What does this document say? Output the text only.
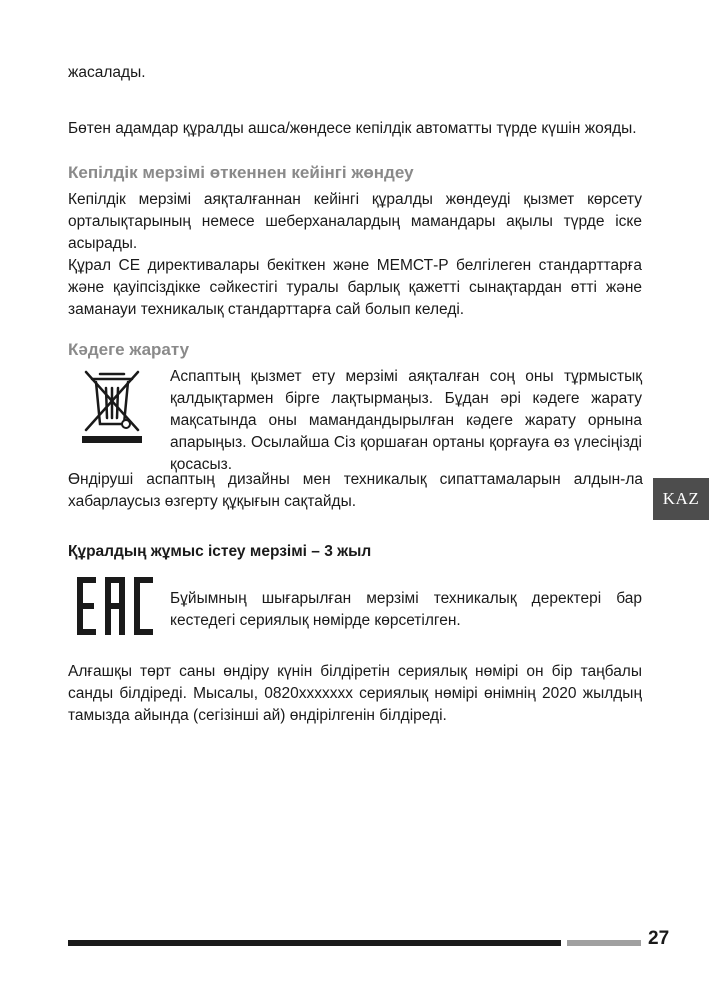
жасалады.

Бөтен адамдар құралды ашса/жөндесе кепілдік автоматты түрде күшін жояды.

Кепілдік мерзімі өткеннен кейінгі жөндеу

Кепілдік мерзімі аяқталғаннан кейінгі құралды жөндеуді қызмет көрсету орталықтарының немесе шеберханалардың мамандары ақылы түрде іске асырады.

Құрал CE директивалары бекіткен және МЕМСТ-Р белгілеген стандарттарға және қауіпсіздікке сәйкестігі туралы барлық қажетті сынақтардан өтті және заманауи техникалық стандарттарға сай болып келеді.

Кәдеге жарату

Аспаптың қызмет ету мерзімі аяқталған соң оны тұрмыстық қалдықтармен бірге лақтырмаңыз. Бұдан әрі кәдеге жарату мақсатында оны мамандандырылған кәдеге жарату орнына апарыңыз. Осылайша Сіз қоршаған ортаны қорғауға өз үлесіңізді қосасыз.

Өндіруші аспаптың дизайны мен техникалық сипаттамаларын алдын-ла хабарлаусыз өзгерту құқығын сақтайды.

Құралдың жұмыс істеу мерзімі – 3 жыл

Бұйымның шығарылған мерзімі техникалық деректері бар кестедегі сериялық нөмірде көрсетілген.

Алғашқы төрт саны өндіру күнін білдіретін сериялық нөмірі он бір таңбалы санды білдіреді. Мысалы, 0820xxxxxxx сериялық нөмірі өнімнің 2020 жылдың тамызда айында (сегізінші ай) өндірілгенін білдіреді.

KAZ
27
